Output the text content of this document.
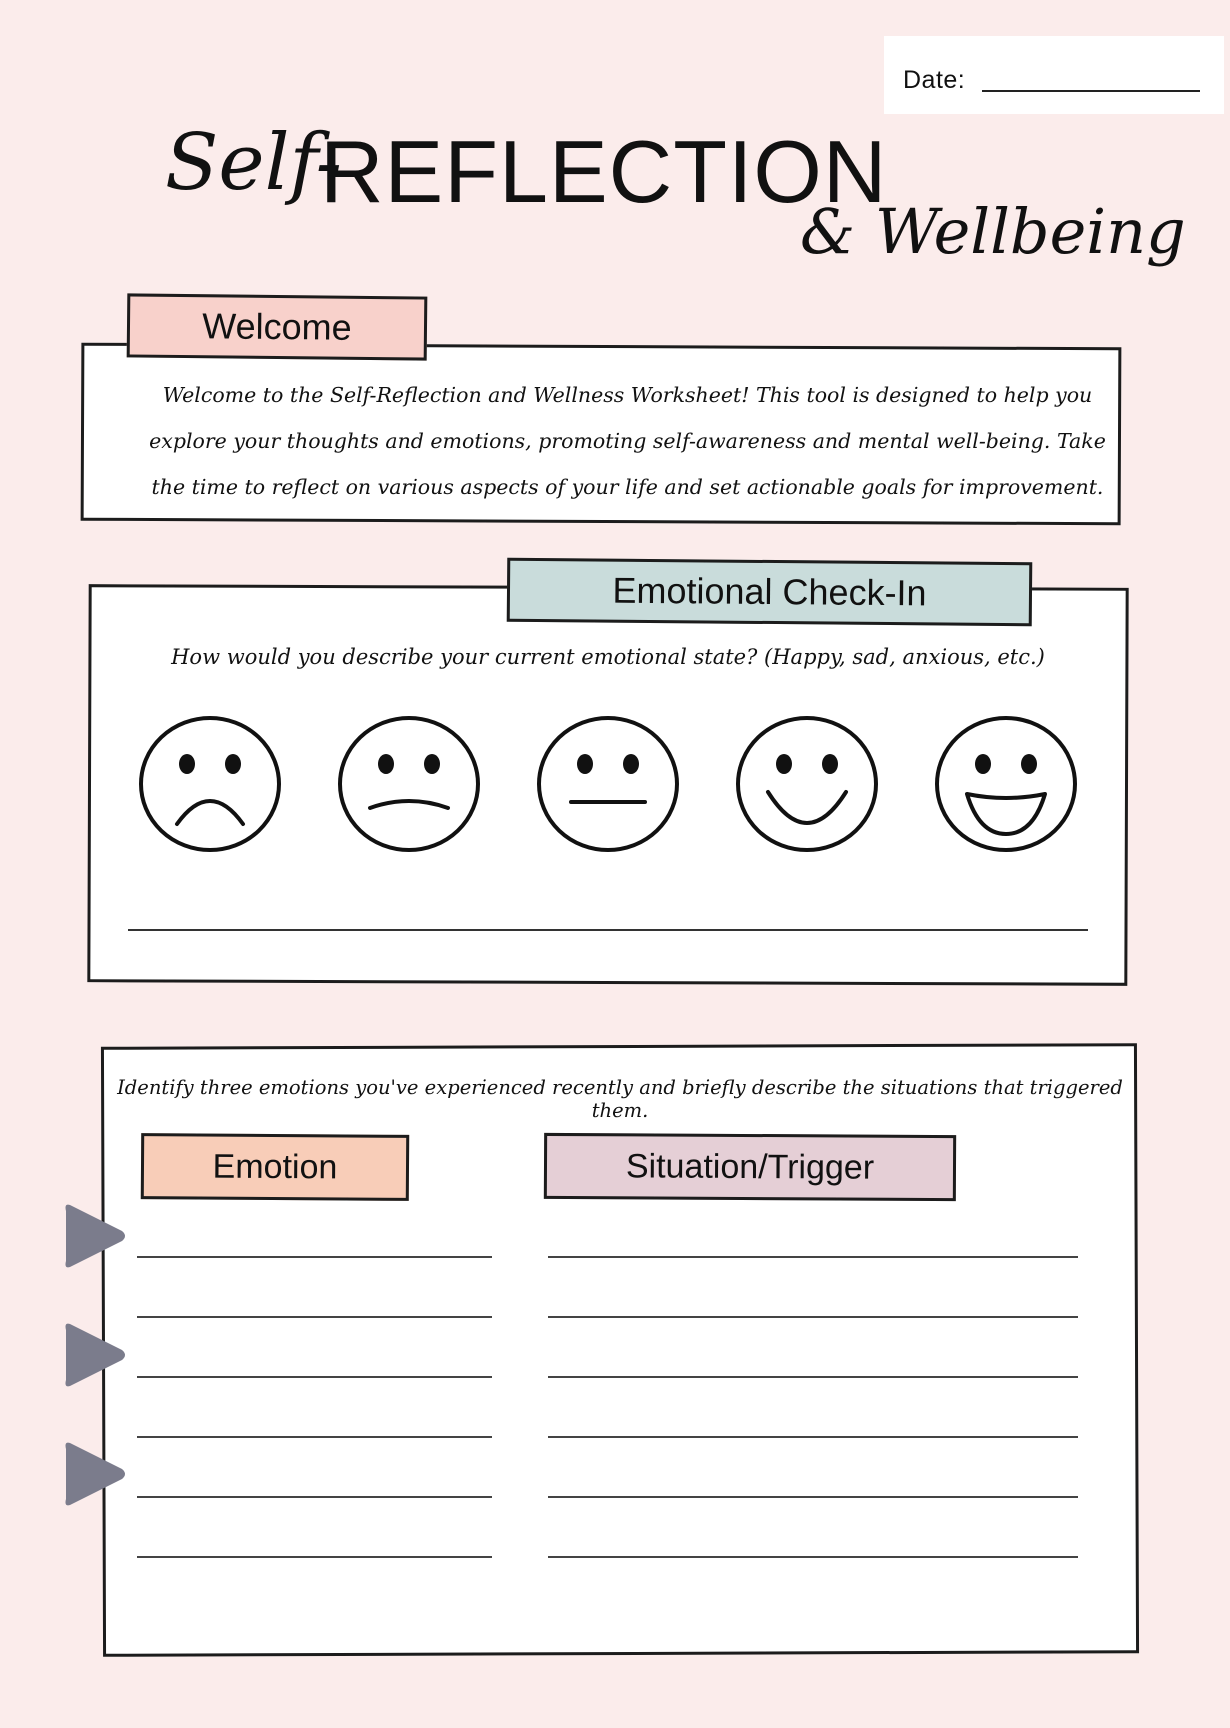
Date:
Self-
REFLECTION
& Wellbeing
Welcome
Welcome to the Self-Reflection and Wellness Worksheet! This tool is designed to help you explore your thoughts and emotions, promoting self-awareness and mental well-being. Take the time to reflect on various aspects of your life and set actionable goals for improvement.
Emotional Check-In
How would you describe your current emotional state? (Happy, sad, anxious, etc.)
Identify three emotions you've experienced recently and briefly describe the situations that triggered them.
Emotion	Situation/Trigger
